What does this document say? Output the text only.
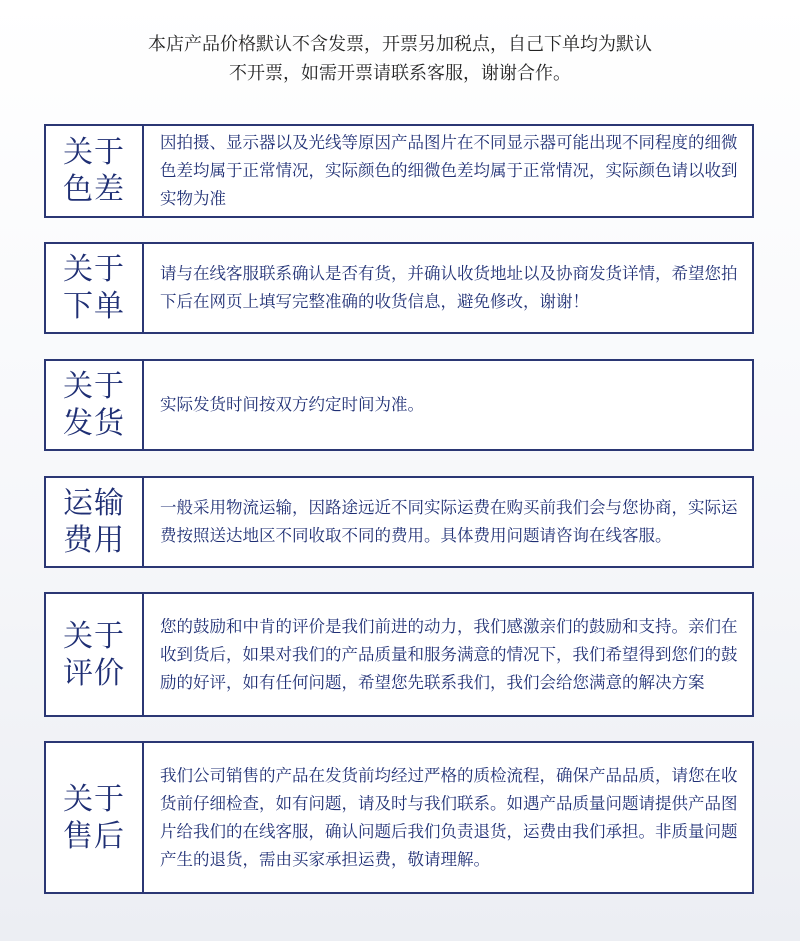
本店产品价格默认不含发票，开票另加税点，自己下单均为默认
不开票，如需开票请联系客服，谢谢合作。
关于
色差

因拍摄、显示器以及光线等原因产品图片在不同显示器可能出现不同程度的细微色差均属于正常情况，实际颜色的细微色差均属于正常情况，实际颜色请以收到实物为准

关于
下单

请与在线客服联系确认是否有货，并确认收货地址以及协商发货详情，希望您拍下后在网页上填写完整准确的收货信息，避免修改，谢谢！

关于
发货

实际发货时间按双方约定时间为准。

运输
费用

一般采用物流运输，因路途远近不同实际运费在购买前我们会与您协商，实际运费按照送达地区不同收取不同的费用。具体费用问题请咨询在线客服。

关于
评价

您的鼓励和中肯的评价是我们前进的动力，我们感激亲们的鼓励和支持。亲们在收到货后，如果对我们的产品质量和服务满意的情况下，我们希望得到您们的鼓励的好评，如有任何问题，希望您先联系我们，我们会给您满意的解决方案

关于
售后

我们公司销售的产品在发货前均经过严格的质检流程，确保产品品质，请您在收货前仔细检查，如有问题，请及时与我们联系。如遇产品质量问题请提供产品图片给我们的在线客服，确认问题后我们负责退货，运费由我们承担。非质量问题产生的退货，需由买家承担运费，敬请理解。
